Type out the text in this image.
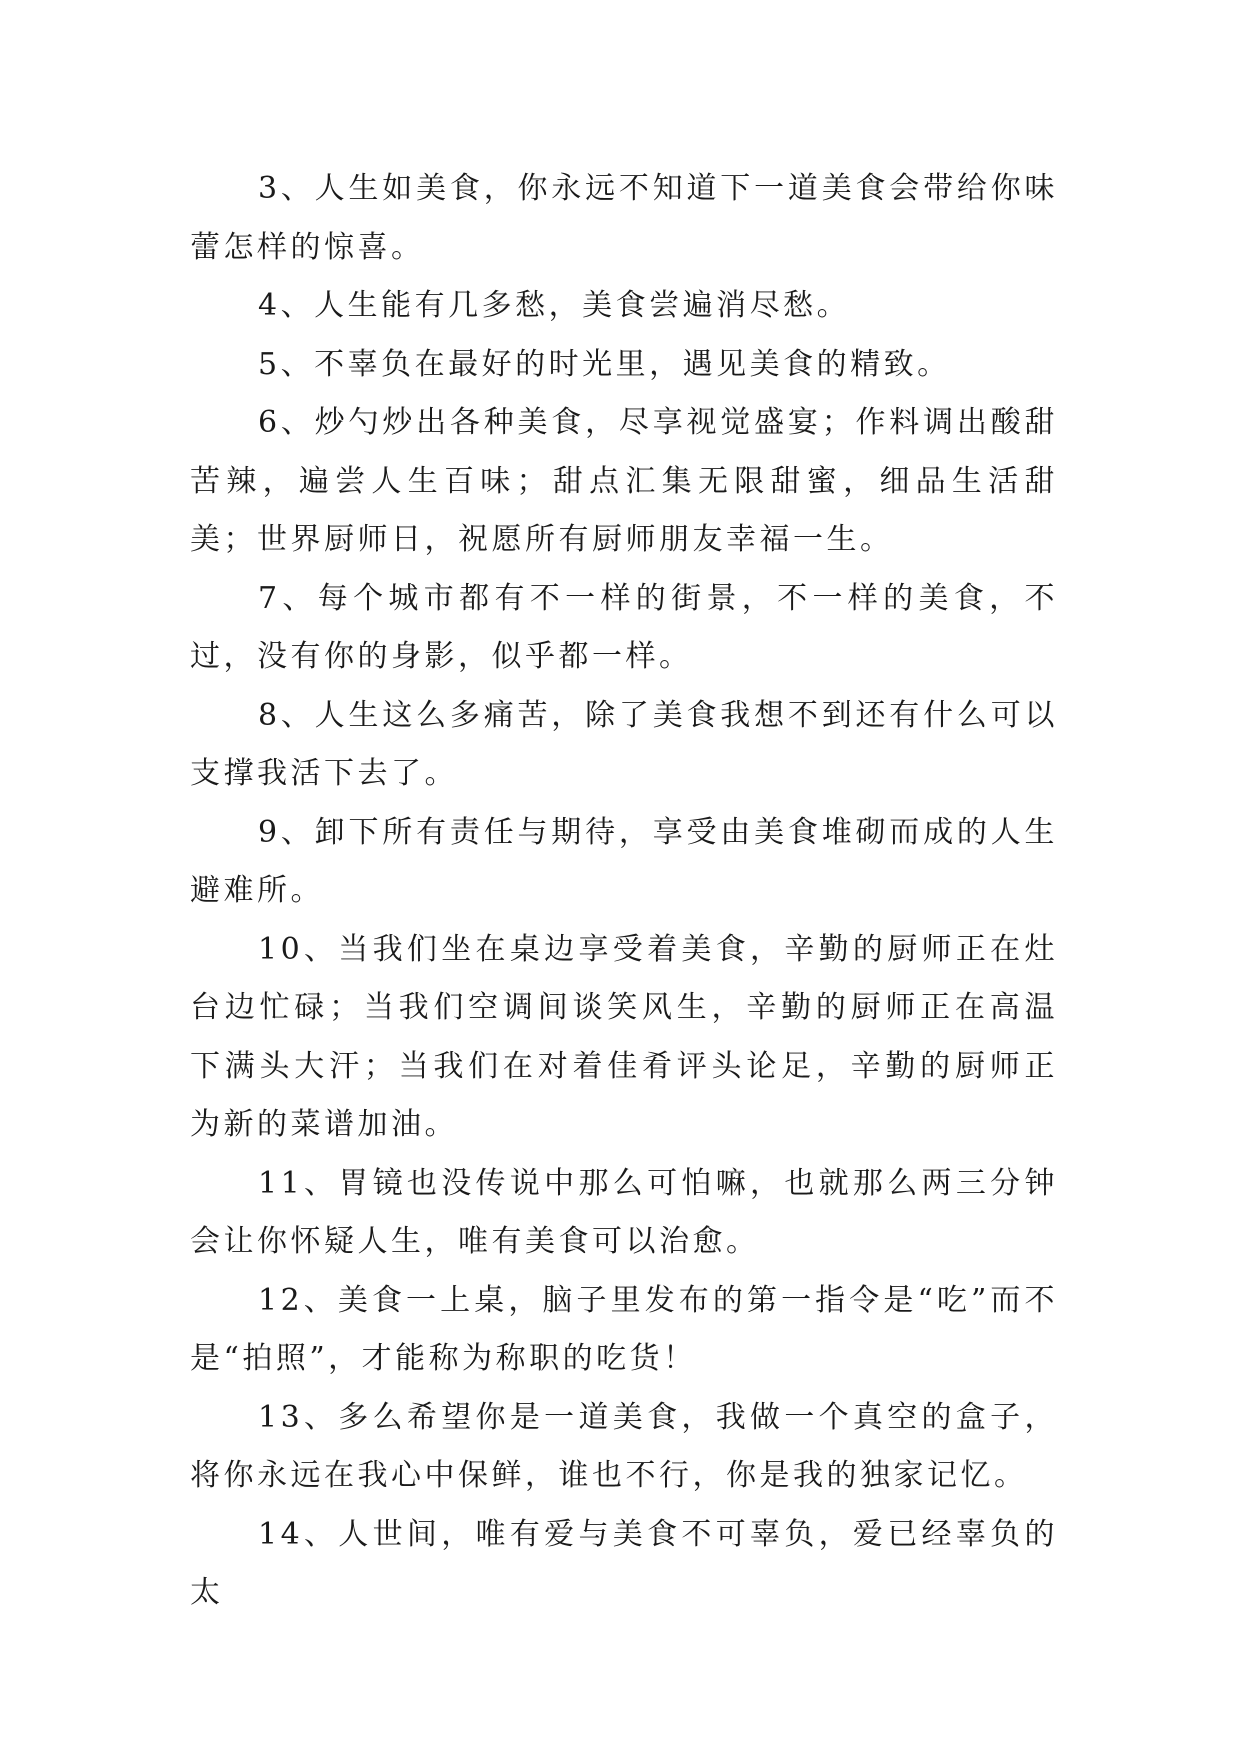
3、人生如美食，你永远不知道下一道美食会带给你味蕾怎样的惊喜。

4、人生能有几多愁，美食尝遍消尽愁。

5、不辜负在最好的时光里，遇见美食的精致。

6、炒勺炒出各种美食，尽享视觉盛宴；作料调出酸甜苦辣，遍尝人生百味；甜点汇集无限甜蜜，细品生活甜美；世界厨师日，祝愿所有厨师朋友幸福一生。

7、每个城市都有不一样的街景，不一样的美食，不过，没有你的身影，似乎都一样。

8、人生这么多痛苦，除了美食我想不到还有什么可以支撑我活下去了。

9、卸下所有责任与期待，享受由美食堆砌而成的人生避难所。

10、当我们坐在桌边享受着美食，辛勤的厨师正在灶台边忙碌；当我们空调间谈笑风生，辛勤的厨师正在高温下满头大汗；当我们在对着佳肴评头论足，辛勤的厨师正为新的菜谱加油。

11、胃镜也没传说中那么可怕嘛，也就那么两三分钟会让你怀疑人生，唯有美食可以治愈。

12、美食一上桌，脑子里发布的第一指令是“吃”而不是“拍照”，才能称为称职的吃货！

13、多么希望你是一道美食，我做一个真空的盒子，将你永远在我心中保鲜，谁也不行，你是我的独家记忆。

14、人世间，唯有爱与美食不可辜负，爱已经辜负的太
